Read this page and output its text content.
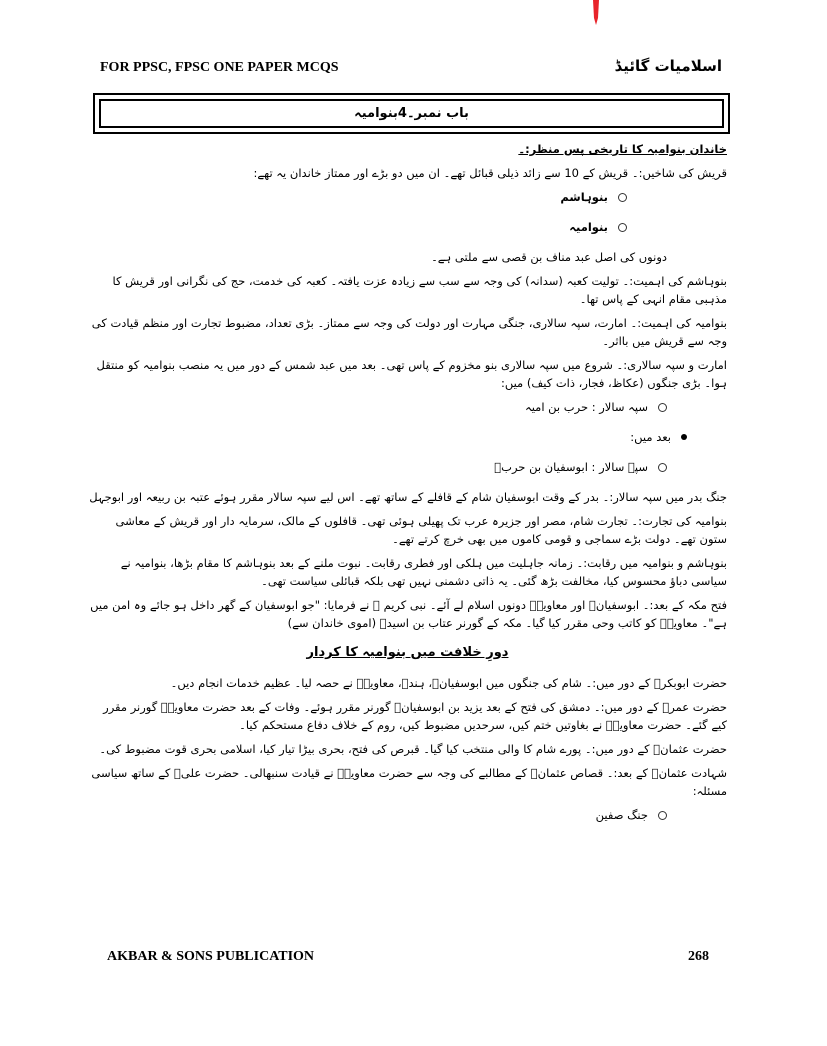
FOR PPSC, FPSC ONE PAPER MCQS	اسلامیات گائیڈ
باب نمبر۔4بنوامیہ

خاندان بنوامیہ کا تاریخی پس منظر:۔

قریش کی شاخیں:۔ قریش کے 10 سے زائد ذیلی قبائل تھے۔ ان میں دو بڑے اور ممتاز خاندان یہ تھے:

بنوہاشم
بنوامیہ

دونوں کی اصل عبد مناف بن قصی سے ملتی ہے۔

بنوہاشم کی اہمیت:۔ تولیت کعبہ (سدانہ) کی وجہ سے سب سے زیادہ عزت یافتہ۔ کعبہ کی خدمت، حج کی نگرانی اور قریش کا مذہبی مقام انہی کے پاس تھا۔

بنوامیہ کی اہمیت:۔ امارت، سپہ سالاری، جنگی مہارت اور دولت کی وجہ سے ممتاز۔ بڑی تعداد، مضبوط تجارت اور منظم قیادت کی وجہ سے قریش میں بااثر۔

امارت و سپہ سالاری:۔ شروع میں سپہ سالاری بنو مخزوم کے پاس تھی۔ بعد میں عبد شمس کے دور میں یہ منصب بنوامیہ کو منتقل ہوا۔ بڑی جنگوں (عکاظ، فجار، ذات کیف) میں:

سپہ سالار : حرب بن امیہ
بعد میں:
سپہ سالار : ابوسفیان بن حربؓ

جنگ بدر میں سپہ سالار:۔ بدر کے وقت ابوسفیان شام کے قافلے کے ساتھ تھے۔ اس لیے سپہ سالار مقرر ہوئے عتبہ بن ربیعہ اور ابوجہل

بنوامیہ کی تجارت:۔ تجارت شام، مصر اور جزیرہ عرب تک پھیلی ہوئی تھی۔ قافلوں کے مالک، سرمایہ دار اور قریش کے معاشی ستون تھے۔ دولت بڑے سماجی و قومی کاموں میں بھی خرچ کرتے تھے۔

بنوہاشم و بنوامیہ میں رقابت:۔ زمانہ جاہلیت میں ہلکی اور فطری رقابت۔ نبوت ملنے کے بعد بنوہاشم کا مقام بڑھا، بنوامیہ نے سیاسی دباؤ محسوس کیا، مخالفت بڑھ گئی۔ یہ ذاتی دشمنی نہیں تھی بلکہ قبائلی سیاست تھی۔

فتح مکہ کے بعد:۔ ابوسفیانؓ اور معاویہؓ دونوں اسلام لے آئے۔ نبی کریم ﷺ نے فرمایا: "جو ابوسفیان کے گھر داخل ہو جائے وہ امن میں ہے"۔ معاویہؓ کو کاتب وحی مقرر کیا گیا۔ مکہ کے گورنر عتاب بن اسیدؓ (اموی خاندان سے)

دورِ خلافت میں بنوامیہ کا کردار

حضرت ابوبکرؓ کے دور میں:۔ شام کی جنگوں میں ابوسفیانؓ، ہندؓ، معاویہؓ نے حصہ لیا۔ عظیم خدمات انجام دیں۔

حضرت عمرؓ کے دور میں:۔ دمشق کی فتح کے بعد یزید بن ابوسفیانؓ گورنر مقرر ہوئے۔ وفات کے بعد حضرت معاویہؓ گورنر مقرر کیے گئے۔ حضرت معاویہؓ نے بغاوتیں ختم کیں، سرحدیں مضبوط کیں، روم کے خلاف دفاع مستحکم کیا۔

حضرت عثمانؓ کے دور میں:۔ پورے شام کا والی منتخب کیا گیا۔ قبرص کی فتح، بحری بیڑا تیار کیا، اسلامی بحری قوت مضبوط کی۔

شہادت عثمانؓ کے بعد:۔ قصاص عثمانؓ کے مطالبے کی وجہ سے حضرت معاویہؓ نے قیادت سنبھالی۔ حضرت علیؓ کے ساتھ سیاسی مسئلہ:

جنگ صفین
AKBAR & SONS PUBLICATION	268
